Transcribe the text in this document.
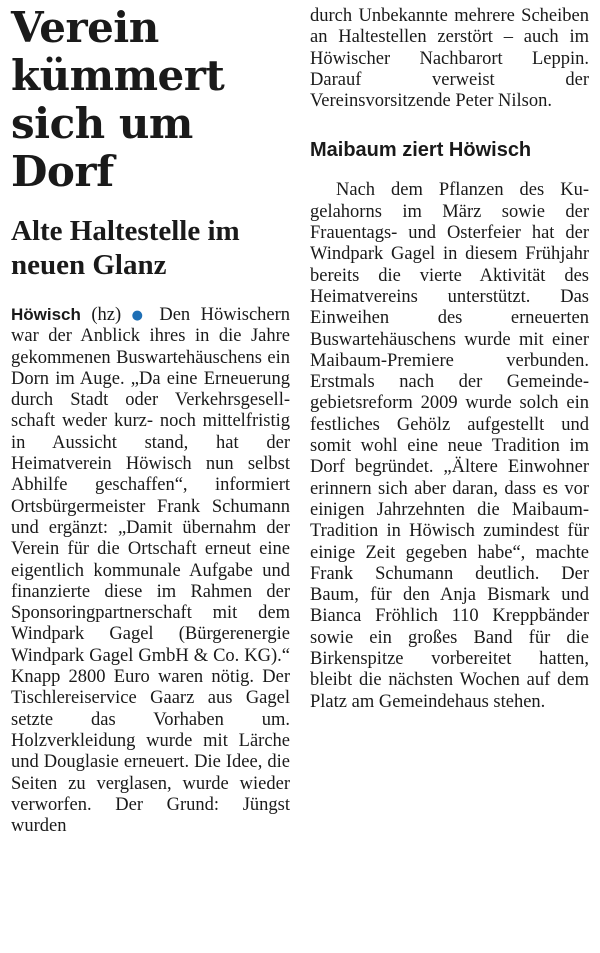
Verein kümmert sich um Dorf
Alte Haltestelle im neuen Glanz

Höwisch (hz) ● Den Höwischern war der Anblick ihres in die Jahre gekommenen Buswartehäuschens ein Dorn im Auge. „Da eine Erneuerung durch Stadt oder Verkehrsgesellschaft weder kurz- noch mittelfristig in Aussicht stand, hat der Heimatverein Höwisch nun selbst Abhilfe geschaffen“, informiert Ortsbürgermeister Frank Schumann und ergänzt: „Damit übernahm der Verein für die Ortschaft erneut eine eigentlich kommunale Aufgabe und finanzierte diese im Rahmen der Sponsoringpartnerschaft mit dem Windpark Gagel (Bürgerenergie Windpark Gagel GmbH & Co. KG).“ Knapp 2800 Euro waren nötig. Der Tischlereiservice Gaarz aus Gagel setzte das Vorhaben um. Holzverkleidung wurde mit Lärche und Douglasie erneuert. Die Idee, die Seiten zu verglasen, wurde wieder verworfen. Der Grund: Jüngst wurden

durch Unbekannte mehrere Scheiben an Haltestellen zerstört – auch im Höwischer Nachbarort Leppin. Darauf verweist der Vereinsvorsitzende Peter Nilson.

Maibaum ziert Höwisch

Nach dem Pflanzen des Kugelahorns im März sowie der Frauentags- und Osterfeier hat der Windpark Gagel in diesem Frühjahr bereits die vierte Aktivität des Heimatvereins unterstützt. Das Einweihen des erneuerten Buswartehäuschens wurde mit einer Maibaum-Premiere verbunden. Erstmals nach der Gemeindegebietsreform 2009 wurde solch ein festliches Gehölz aufgestellt und somit wohl eine neue Tradition im Dorf begründet. „Ältere Einwohner erinnern sich aber daran, dass es vor einigen Jahrzehnten die Maibaum-Tradition in Höwisch zumindest für einige Zeit gegeben habe“, machte Frank Schumann deutlich. Der Baum, für den Anja Bismark und Bianca Fröhlich 110 Kreppbänder sowie ein großes Band für die Birkenspitze vorbereitet hatten, bleibt die nächsten Wochen auf dem Platz am Gemeindehaus stehen.
